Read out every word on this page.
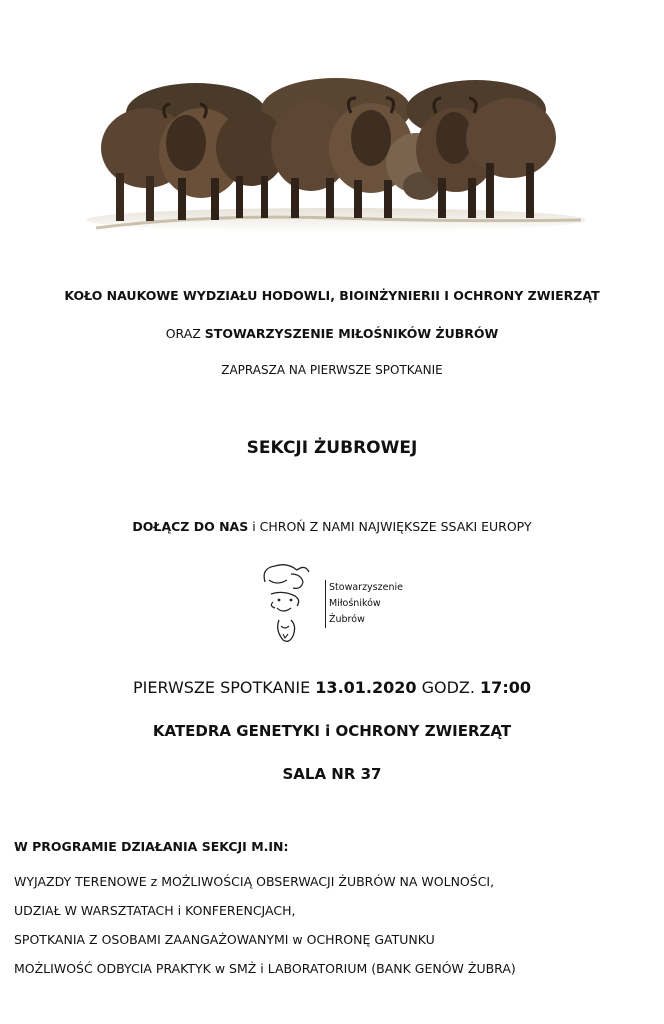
KOŁO NAUKOWE WYDZIAŁU HODOWLI, BIOINŻYNIERII I OCHRONY ZWIERZĄT
ORAZ STOWARZYSZENIE MIŁOŚNIKÓW ŻUBRÓW
ZAPRASZA NA PIERWSZE SPOTKANIE
SEKCJI ŻUBROWEJ
DOŁĄCZ DO NAS i CHROŃ Z NAMI NAJWIĘKSZE SSAKI EUROPY
Stowarzyszenie
Miłośników
Żubrów
PIERWSZE SPOTKANIE 13.01.2020 GODZ. 17:00
KATEDRA GENETYKI i OCHRONY ZWIERZĄT
SALA NR 37
W PROGRAMIE DZIAŁANIA SEKCJI M.IN:
WYJAZDY TERENOWE z MOŻLIWOŚCIĄ OBSERWACJI ŻUBRÓW NA WOLNOŚCI,
UDZIAŁ W WARSZTATACH i KONFERENCJACH,
SPOTKANIA Z OSOBAMI ZAANGAŻOWANYMI w OCHRONĘ GATUNKU
MOŻLIWOŚĆ ODBYCIA PRAKTYK w SMŻ i LABORATORIUM (BANK GENÓW ŻUBRA)
